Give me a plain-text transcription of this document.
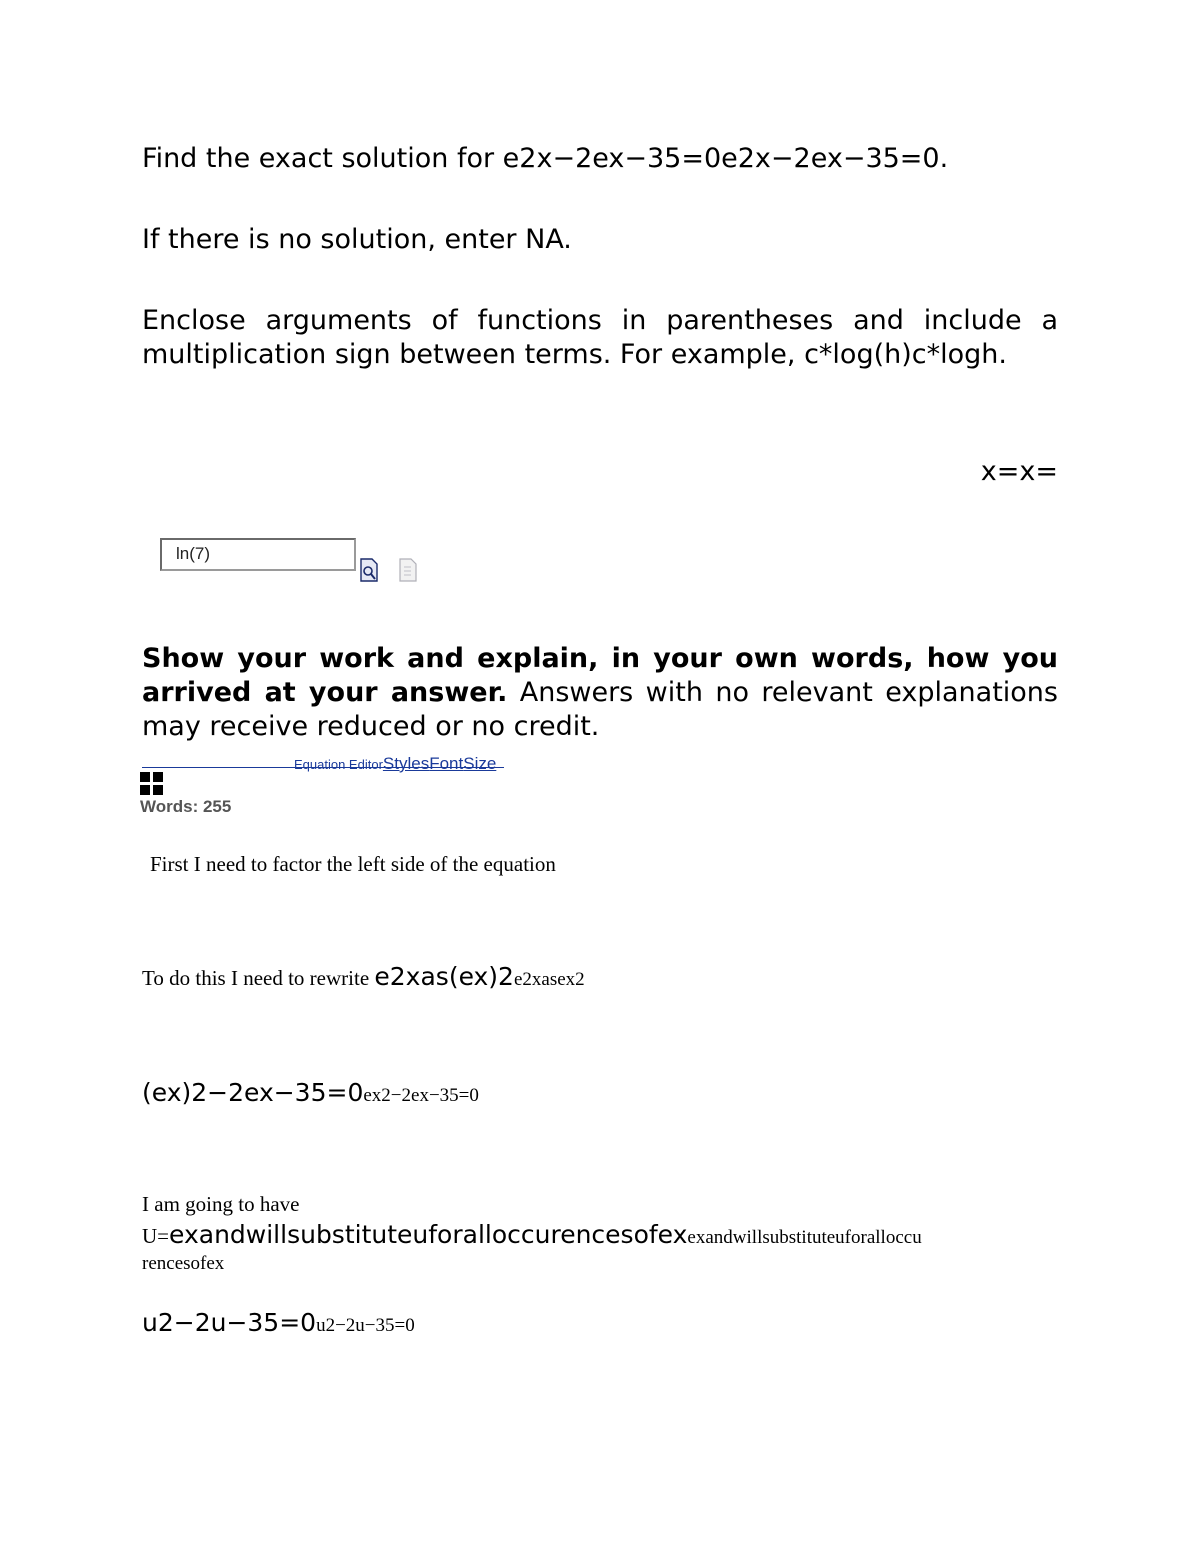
Find the exact solution for e2x−2ex−35=0e2x−2ex−35=0.

If there is no solution, enter NA.

Enclose arguments of functions in parentheses and include a multiplication sign between terms. For example, c*log(h)c*logh.

x=x=

ln(7)

Show your work and explain, in your own words, how you arrived at your answer. Answers with no relevant explanations may receive reduced or no credit.

Equation EditorStylesFontSize
Words: 255
First I need to factor the left side of the equation
To do this I need to rewrite e2xas(ex)2e2xasex2
(ex)2−2ex−35=0ex2−2ex−35=0
I am going to have
U=exandwillsubstituteuforalloccurencesofexexandwillsubstituteuforalloccu
rencesofex
u2−2u−35=0u2−2u−35=0
